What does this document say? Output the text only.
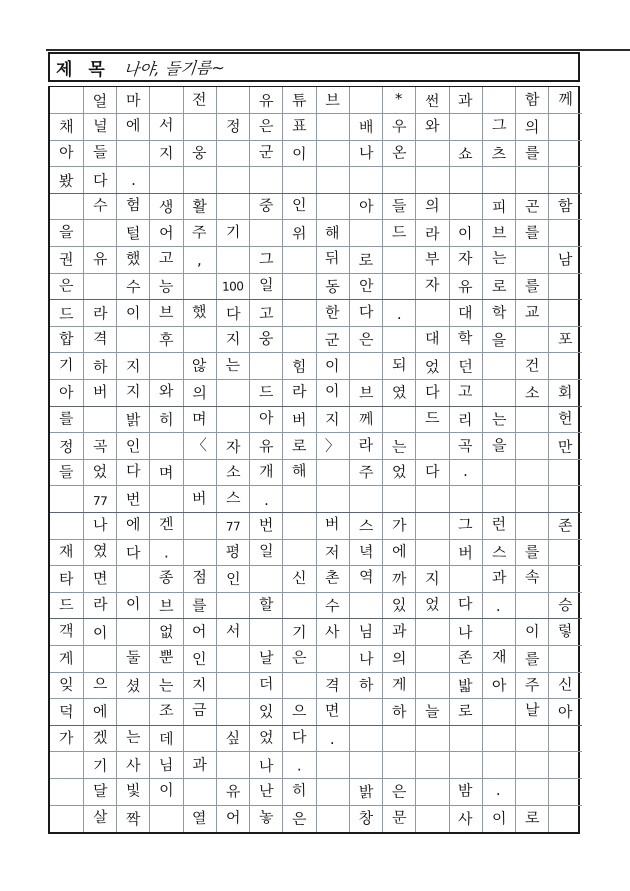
제 목 나야, 들기름~
	얼	마		전		유	튜	브		*	썬	과		함	께
채	널	에	서		정	은	표		배	우	와		그	의	
아	들		지	웅		군	이		나	온		쇼	츠	를	
봤	다	.													
	수	험	생	활		중	인		아	들	의		피	곤	함
을		털	어	주	기		위	해		드	라	이	브	를	
권	유	했	고	,		그		뒤	로		부	자	는		남
은		수	능		100	일		동	안		자	유	로	를	
드	라	이	브	했	다	고		한	다	.		대	학	교	
합	격		후		지	웅		군	은		대	학	을		포
기	하	지		않	는		힘	이		되	었	던		건	
아	버	지	와	의		드	라	이	브	였	다	고		소	회
를		밝	히	며		아	버	지	께		드	리	는		헌
정	곡	인		〈	자	유	로	〉	라	는		곡	을		만
들	었	다	며		소	개	해		주	었	다	.			
	77	번		버	스	.									
	나	에	겐		77	번		버	스	가		그	런		존
재	였	다	.		평	일		저	녁	에		버	스	를	
타	면		종	점	인		신	촌	역	까	지		과	속	
드	라	이	브	를		할		수		있	었	다	.		승
객	이		없	어	서		기	사	님	과		나		이	렇
게		둘	뿐	인		날	은		나	의		존	재	를	
잊	으	셨	는	지		더		격	하	게		밟	아	주	신
덕	에		조	금		있	으	면		하	늘	로		날	아
가	겠	는	데		싶	었	다	.							
	기	사	님	과		나	.								
	달	빛	이		유	난	히		밝	은		밤	.		
	살	짝		열	어	놓	은		창	문		사	이	로	
